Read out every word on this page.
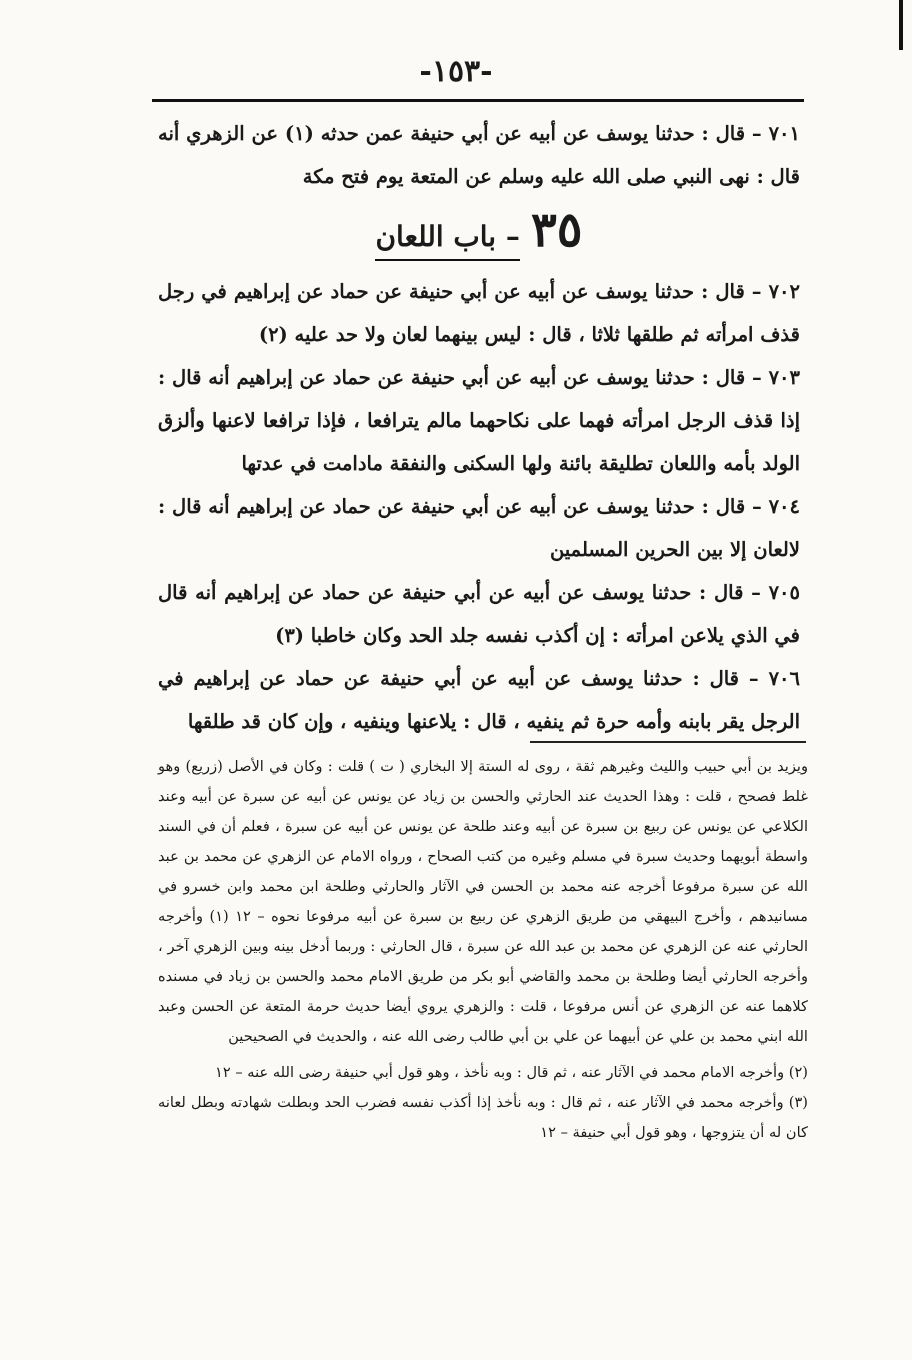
-١٥٣-

٧٠١ – قال : حدثنا يوسف عن أبيه عن أبي حنيفة عمن حدثه (١) عن الزهري أنه قال : نهى النبي صلى الله عليه وسلم عن المتعة يوم فتح مكة

٣٥ – باب اللعان

٧٠٢ – قال : حدثنا يوسف عن أبيه عن أبي حنيفة عن حماد عن إبراهيم في رجل قذف امرأته ثم طلقها ثلاثا ، قال : ليس بينهما لعان ولا حد عليه (٢)

٧٠٣ – قال : حدثنا يوسف عن أبيه عن أبي حنيفة عن حماد عن إبراهيم أنه قال : إذا قذف الرجل امرأته فهما على نكاحهما مالم يترافعا ، فإذا ترافعا لاعنها وألزق الولد بأمه واللعان تطليقة بائنة ولها السكنى والنفقة مادامت في عدتها

٧٠٤ – قال : حدثنا يوسف عن أبيه عن أبي حنيفة عن حماد عن إبراهيم أنه قال : لالعان إلا بين الحرين المسلمين

٧٠٥ – قال : حدثنا يوسف عن أبيه عن أبي حنيفة عن حماد عن إبراهيم أنه قال في الذي يلاعن امرأته : إن أكذب نفسه جلد الحد وكان خاطبا (٣)

٧٠٦ – قال : حدثنا يوسف عن أبيه عن أبي حنيفة عن حماد عن إبراهيم في الرجل يقر بابنه وأمه حرة ثم ينفيه ، قال : يلاعنها وينفيه ، وإن كان قد طلقها

ويزيد بن أبي حبيب والليث وغيرهم ثقة ، روى له الستة إلا البخاري ( ت ) قلت : وكان في الأصل (زريع) وهو غلط فصحح ، قلت : وهذا الحديث عند الحارثي والحسن بن زياد عن يونس عن أبيه عن سبرة عن أبيه وعند الكلاعي عن يونس عن ربيع بن سبرة عن أبيه وعند طلحة عن يونس عن أبيه عن سبرة ، فعلم أن في السند واسطة أبويهما وحديث سبرة في مسلم وغيره من كتب الصحاح ، ورواه الامام عن الزهري عن محمد بن عبد الله عن سبرة مرفوعا أخرجه عنه محمد بن الحسن في الآثار والحارثي وطلحة ابن محمد وابن خسرو في مسانيدهم ، وأخرج البيهقي من طريق الزهري عن ربيع بن سبرة عن أبيه مرفوعا نحوه – ١٢ (١) وأخرجه الحارثي عنه عن الزهري عن محمد بن عبد الله عن سبرة ، قال الحارثي : وربما أدخل بينه وبين الزهري آخر ، وأخرجه الحارثي أيضا وطلحة بن محمد والقاضي أبو بكر من طريق الامام محمد والحسن بن زياد في مسنده كلاهما عنه عن الزهري عن أنس مرفوعا ، قلت : والزهري يروي أيضا حديث حرمة المتعة عن الحسن وعبد الله ابني محمد بن علي عن أبيهما عن علي بن أبي طالب رضى الله عنه ، والحديث في الصحيحين

(٢) وأخرجه الامام محمد في الآثار عنه ، ثم قال : وبه نأخذ ، وهو قول أبي حنيفة رضى الله عنه – ١٢

(٣) وأخرجه محمد في الآثار عنه ، ثم قال : وبه نأخذ إذا أكذب نفسه فضرب الحد وبطلت شهادته وبطل لعانه كان له أن يتزوجها ، وهو قول أبي حنيفة – ١٢
